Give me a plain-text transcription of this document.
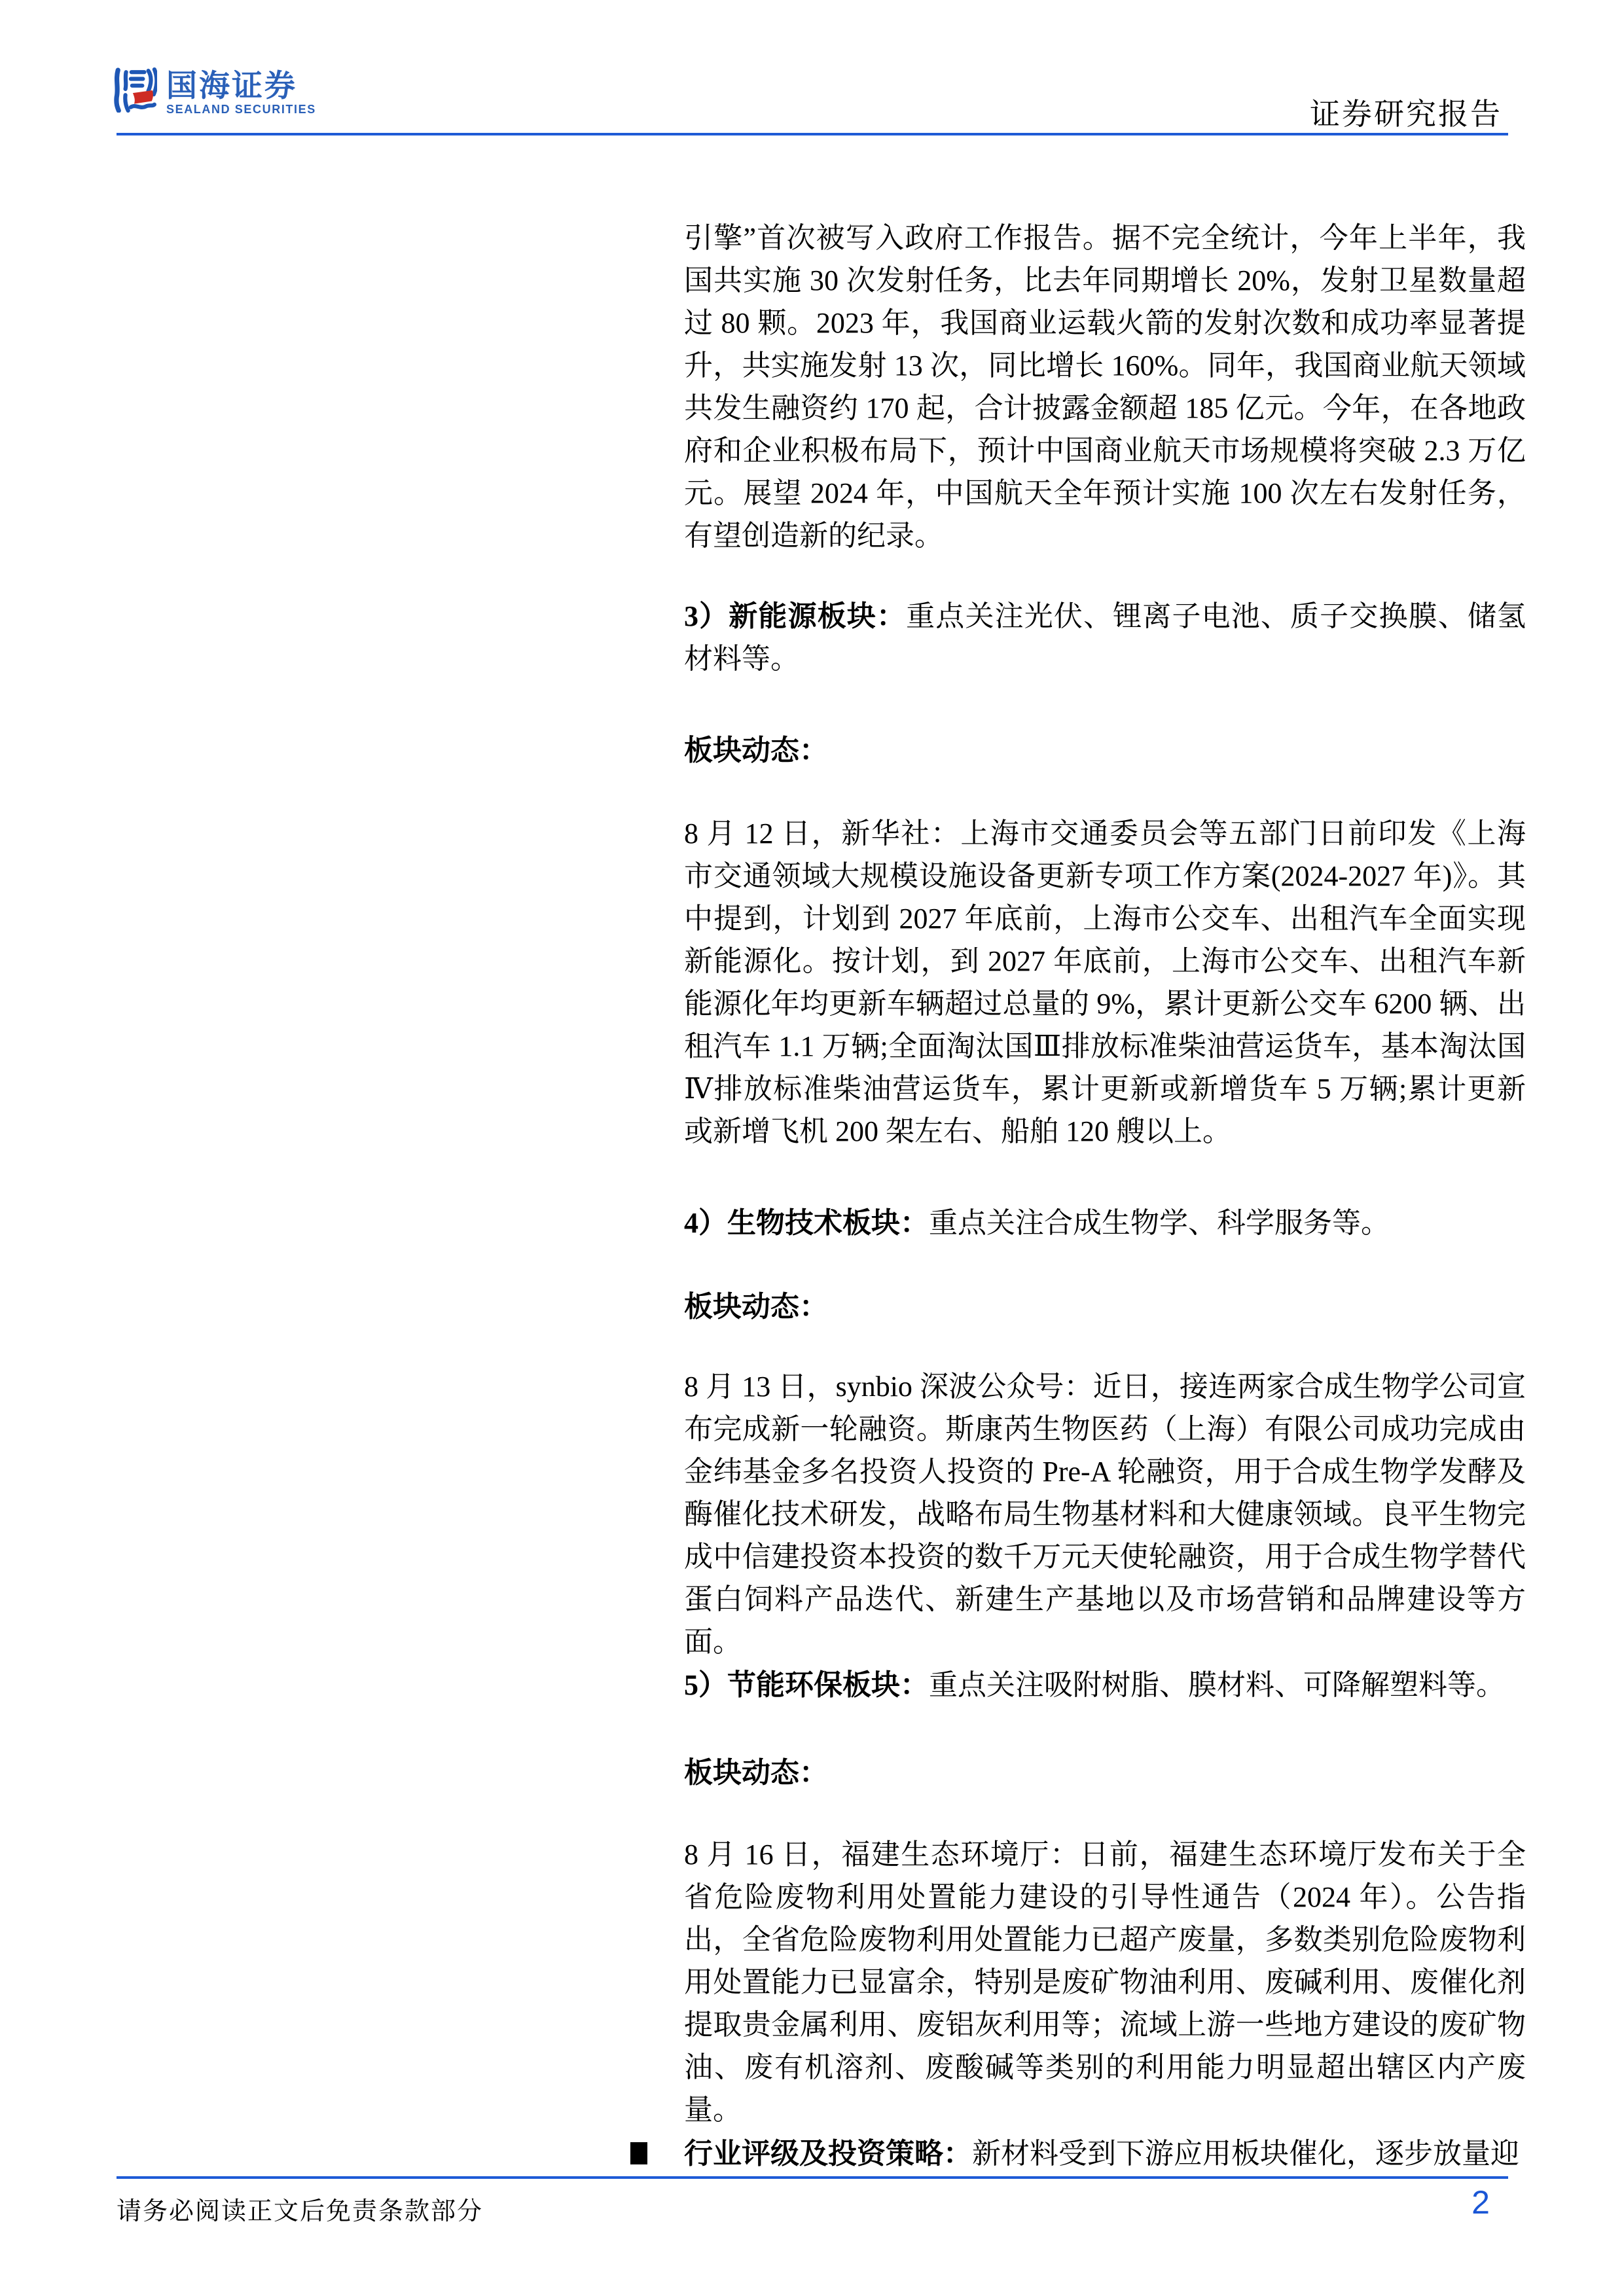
国海证券
SEALAND SECURITIES	证券研究报告

引擎”首次被写入政府工作报告。据不完全统计，今年上半年，我国共实施 30 次发射任务，比去年同期增长 20%，发射卫星数量超过 80 颗。2023 年，我国商业运载火箭的发射次数和成功率显著提升，共实施发射 13 次，同比增长 160%。同年，我国商业航天领域共发生融资约 170 起，合计披露金额超 185 亿元。今年，在各地政府和企业积极布局下，预计中国商业航天市场规模将突破 2.3 万亿元。展望 2024 年，中国航天全年预计实施 100 次左右发射任务，有望创造新的纪录。

3）新能源板块：重点关注光伏、锂离子电池、质子交换膜、储氢材料等。

板块动态：

8 月 12 日，新华社：上海市交通委员会等五部门日前印发《上海市交通领域大规模设施设备更新专项工作方案(2024-2027 年)》。其中提到，计划到 2027 年底前，上海市公交车、出租汽车全面实现新能源化。按计划，到 2027 年底前，上海市公交车、出租汽车新能源化年均更新车辆超过总量的 9%，累计更新公交车 6200 辆、出租汽车 1.1 万辆;全面淘汰国Ⅲ排放标准柴油营运货车，基本淘汰国Ⅳ排放标准柴油营运货车，累计更新或新增货车 5 万辆;累计更新或新增飞机 200 架左右、船舶 120 艘以上。

4）生物技术板块：重点关注合成生物学、科学服务等。

板块动态：

8 月 13 日，synbio 深波公众号：近日，接连两家合成生物学公司宣布完成新一轮融资。斯康芮生物医药（上海）有限公司成功完成由金纬基金多名投资人投资的 Pre-A 轮融资，用于合成生物学发酵及酶催化技术研发，战略布局生物基材料和大健康领域。良平生物完成中信建投资本投资的数千万元天使轮融资，用于合成生物学替代蛋白饲料产品迭代、新建生产基地以及市场营销和品牌建设等方面。

5）节能环保板块：重点关注吸附树脂、膜材料、可降解塑料等。

板块动态：

8 月 16 日，福建生态环境厅：日前，福建生态环境厅发布关于全省危险废物利用处置能力建设的引导性通告（2024 年）。公告指出，全省危险废物利用处置能力已超产废量，多数类别危险废物利用处置能力已显富余，特别是废矿物油利用、废碱利用、废催化剂提取贵金属利用、废铝灰利用等；流域上游一些地方建设的废矿物油、废有机溶剂、废酸碱等类别的利用能力明显超出辖区内产废量。

行业评级及投资策略：新材料受到下游应用板块催化，逐步放量迎

请务必阅读正文后免责条款部分	2
